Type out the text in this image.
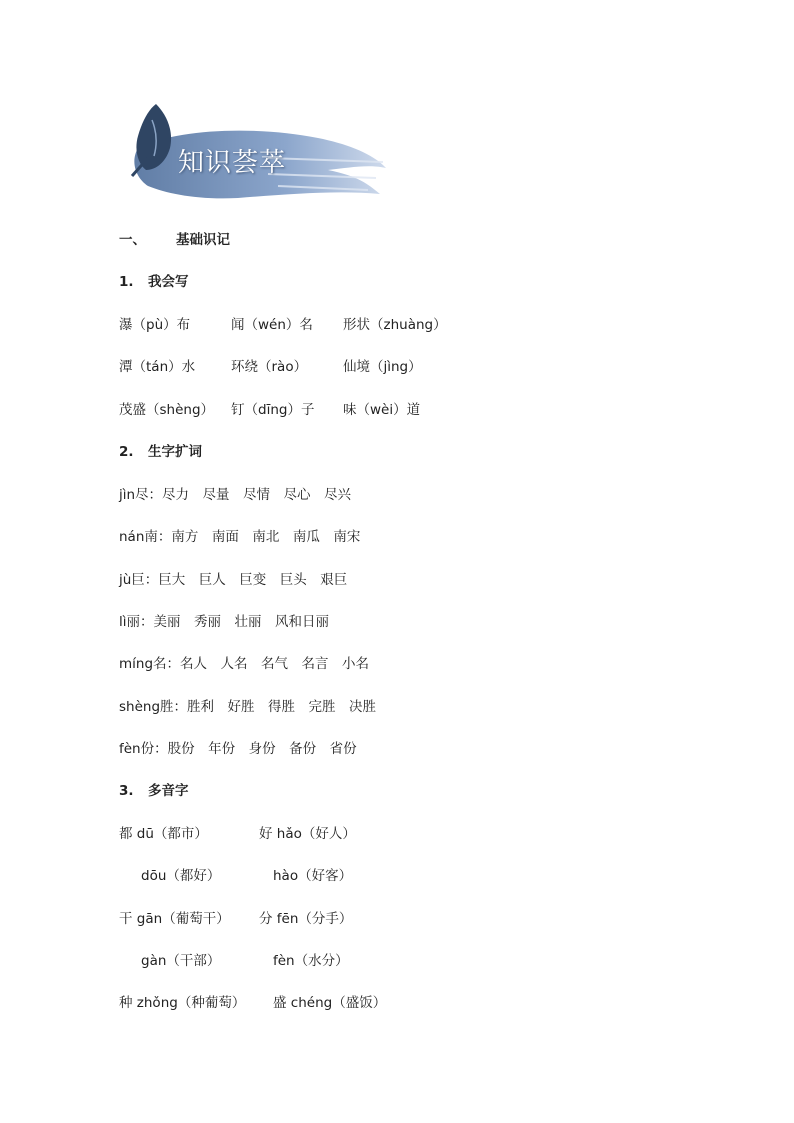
知识荟萃
一、 基础识记
1. 我会写
瀑（pù）布	闻（wén）名 形状（zhuàng）
潭（tán）水	环绕（rào）	仙境（jìng）
茂盛（shèng） 钉（dīng）子 味（wèi）道
2. 生字扩词
jìn尽：尽力　尽量　尽情　尽心　尽兴
nán南：南方　南面　南北　南瓜　南宋
jù巨：巨大　巨人　巨变　巨头　艰巨
lì丽：美丽　秀丽　壮丽　风和日丽
míng名：名人　人名　名气　名言　小名
shèng胜：胜利　好胜　得胜　完胜　决胜
fèn份：股份　年份　身份　备份　省份
3. 多音字
都 dū（都市）	好 hǎo（好人）
dōu（都好）	hào（好客）
干 gān（葡萄干） 分 fēn（分手）
gàn（干部）	fèn（水分）
种 zhǒng（种葡萄） 盛 chéng（盛饭）
